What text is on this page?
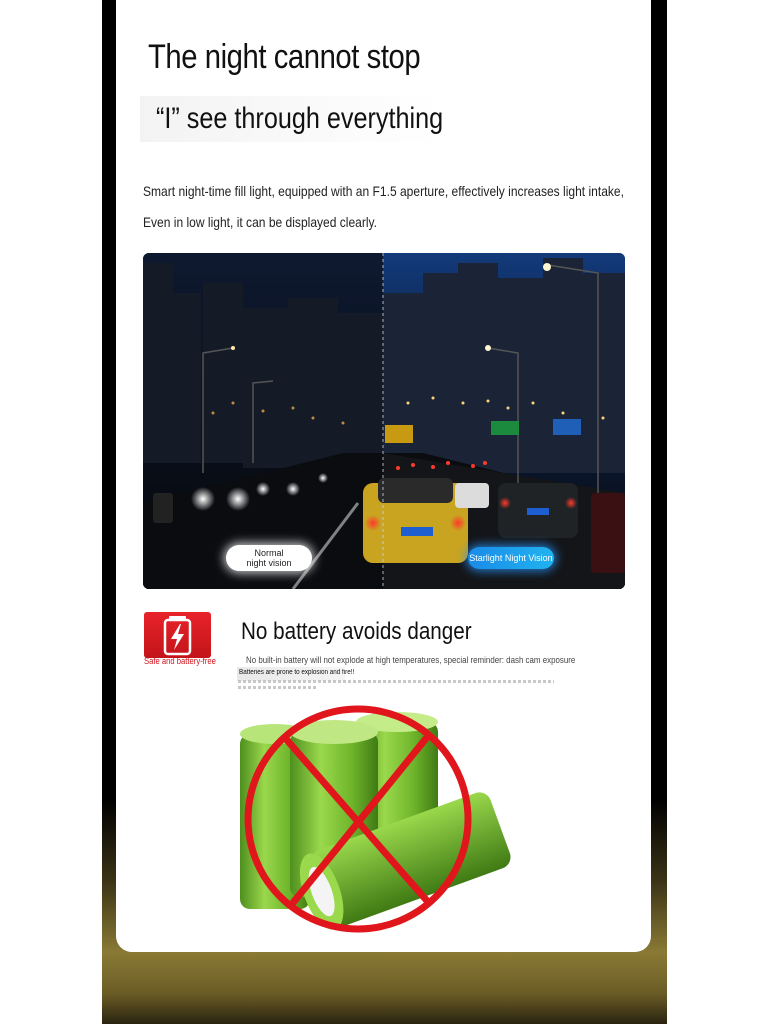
The night cannot stop
“I” see through everything
Smart night-time fill light, equipped with an F1.5 aperture, effectively increases light intake,
Even in low light, it can be displayed clearly.
Normal night vision	Starlight Night Vision
Safe and battery-free
No battery avoids danger
No built-in battery will not explode at high temperatures, special reminder: dash cam exposure
Batteries are prone to explosion and fire!!
